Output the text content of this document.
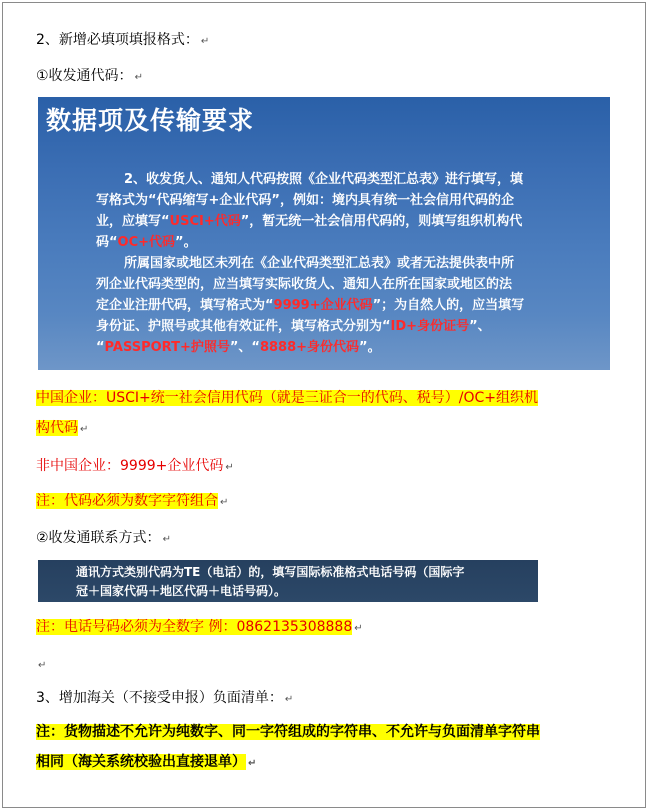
2、新增必填项填报格式： ↵
①收发通代码： ↵
数据项及传输要求

2、收发货人、通知人代码按照《企业代码类型汇总表》进行填写，填

写格式为“代码缩写+企业代码”，例如：境内具有统一社会信用代码的企

业，应填写“USCI+代码”，暂无统一社会信用代码的，则填写组织机构代

码“OC+代码”。

所属国家或地区未列在《企业代码类型汇总表》或者无法提供表中所

列企业代码类型的，应当填写实际收货人、通知人在所在国家或地区的法

定企业注册代码，填写格式为“9999+企业代码”；为自然人的，应当填写

身份证、护照号或其他有效证件，填写格式分别为“ID+身份证号”、

“PASSPORT+护照号”、“8888+身份代码”。

中国企业：USCI+统一社会信用代码（就是三证合一的代码、税号）/OC+组织机
构代码 ↵
非中国企业：9999+企业代码 ↵
注：代码必须为数字字符组合 ↵
②收发通联系方式： ↵

通讯方式类别代码为TE（电话）的，填写国际标准格式电话号码（国际字

冠＋国家代码＋地区代码＋电话号码）。

注：电话号码必须为全数字 例：0862135308888 ↵
↵
3、增加海关（不接受申报）负面清单： ↵
注：货物描述不允许为纯数字、同一字符组成的字符串、不允许与负面清单字符串
相同（海关系统校验出直接退单） ↵
